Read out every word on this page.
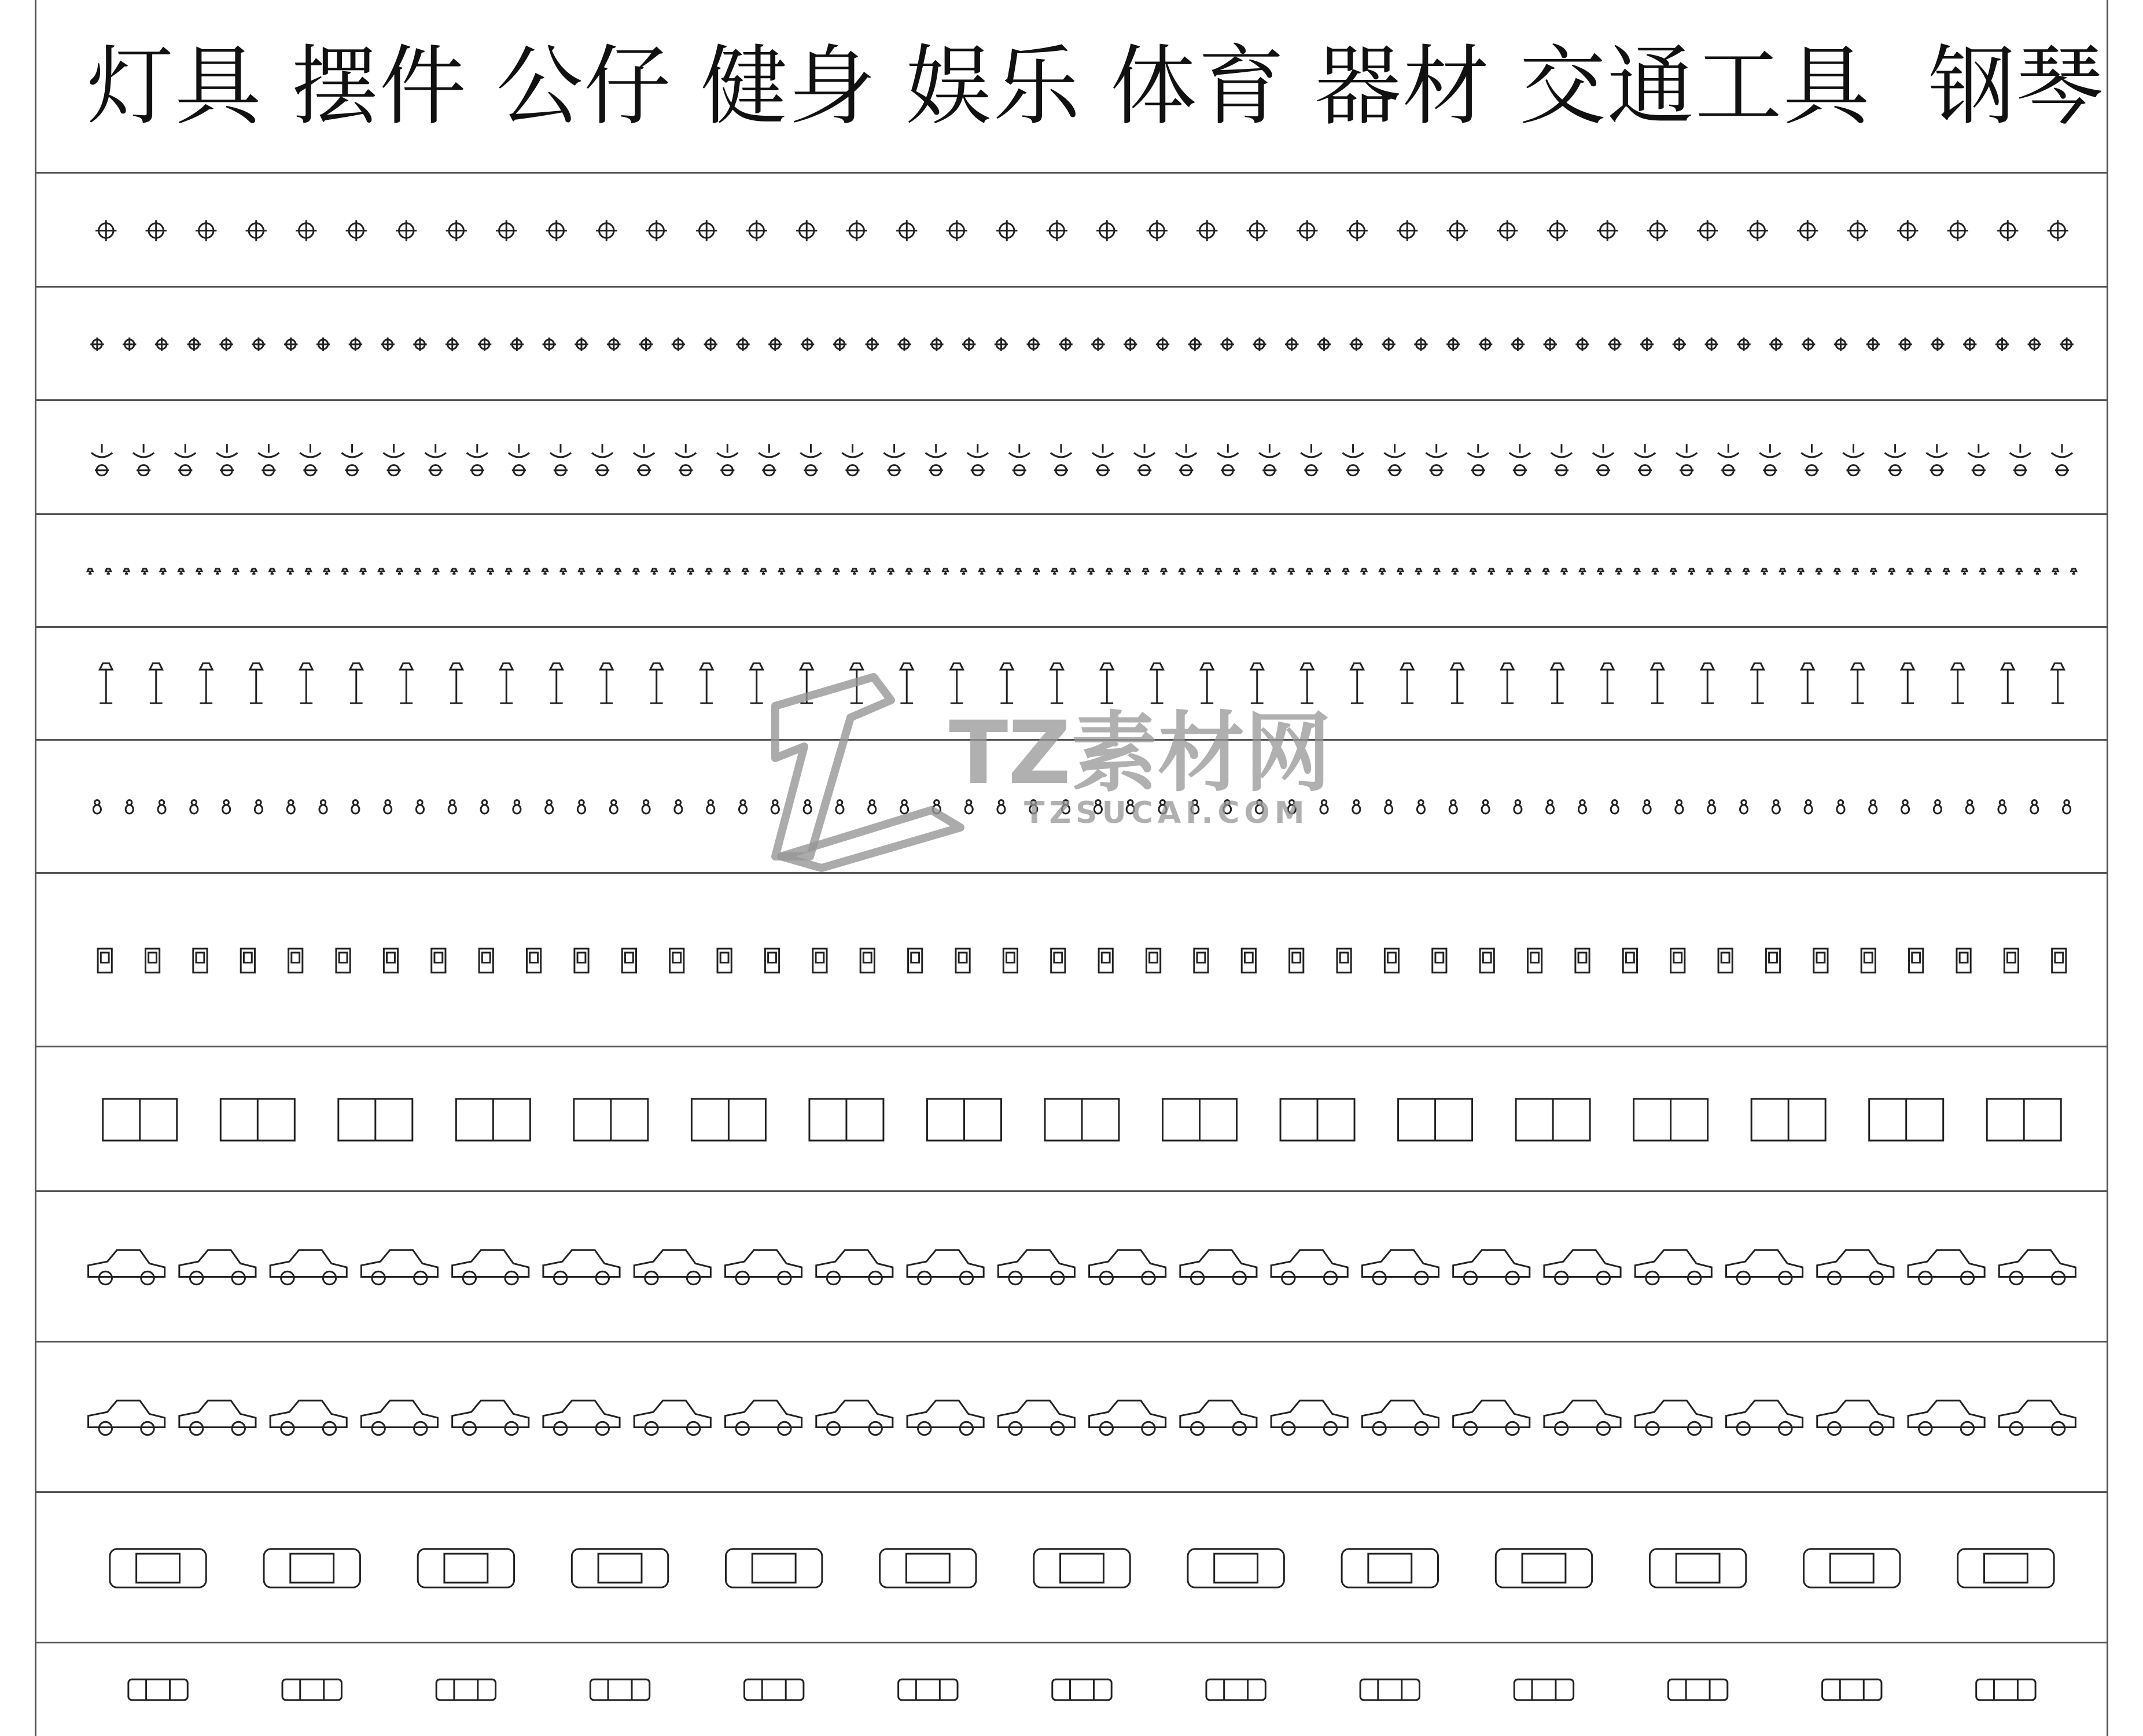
灯具 摆件 公仔 健身 娱乐 体育 器材 交通工具  钢琴
TZ素材网
TZSUCAI.COM
